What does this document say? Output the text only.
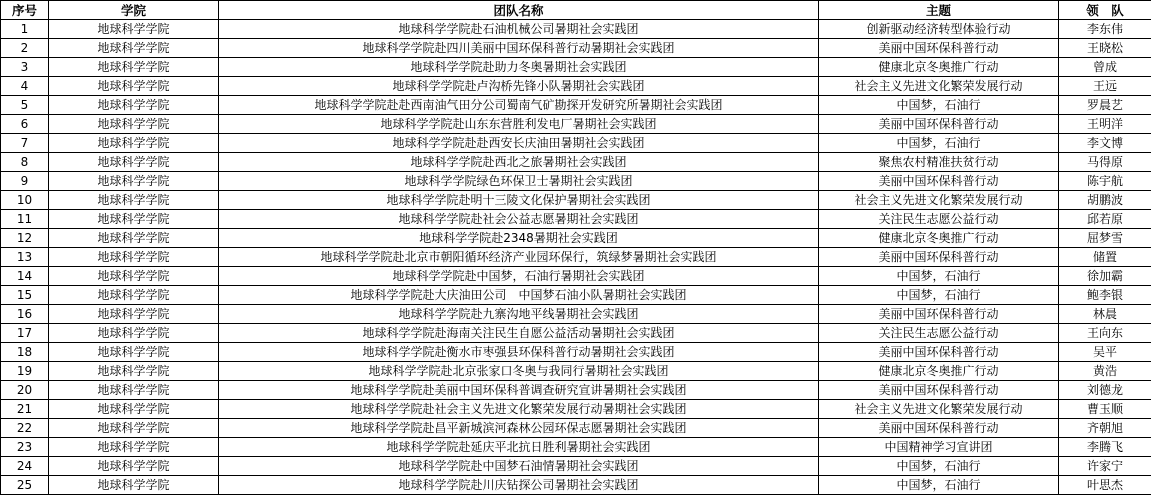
序号	学院	团队名称	主题	领　队
1	地球科学学院	地球科学学院赴石油机械公司暑期社会实践团	创新驱动经济转型体验行动	李东伟
2	地球科学学院	地球科学学院赴四川美丽中国环保科普行动暑期社会实践团	美丽中国环保科普行动	王晓松
3	地球科学学院	地球科学学院赴助力冬奥暑期社会实践团	健康北京冬奥推广行动	曾成
4	地球科学学院	地球科学学院赴卢沟桥先锋小队暑期社会实践团	社会主义先进文化繁荣发展行动	王远
5	地球科学学院	地球科学学院赴赴西南油气田分公司蜀南气矿勘探开发研究所暑期社会实践团	中国梦，石油行	罗晨艺
6	地球科学学院	地球科学学院赴山东东营胜利发电厂暑期社会实践团	美丽中国环保科普行动	王明洋
7	地球科学学院	地球科学学院赴赴西安长庆油田暑期社会实践团	中国梦，石油行	李文博
8	地球科学学院	地球科学学院赴西北之旅暑期社会实践团	聚焦农村精准扶贫行动	马得原
9	地球科学学院	地球科学学院绿色环保卫士暑期社会实践团	美丽中国环保科普行动	陈宇航
10	地球科学学院	地球科学学院赴明十三陵文化保护暑期社会实践团	社会主义先进文化繁荣发展行动	胡鹏波
11	地球科学学院	地球科学学院赴社会公益志愿暑期社会实践团	关注民生志愿公益行动	邱若原
12	地球科学学院	地球科学学院赴2348暑期社会实践团	健康北京冬奥推广行动	屈梦雪
13	地球科学学院	地球科学学院赴北京市朝阳循环经济产业园环保行，筑绿梦暑期社会实践团	美丽中国环保科普行动	储置
14	地球科学学院	地球科学学院赴中国梦，石油行暑期社会实践团	中国梦，石油行	徐加霸
15	地球科学学院	地球科学学院赴大庆油田公司　中国梦石油小队暑期社会实践团	中国梦，石油行	鲍李银
16	地球科学学院	地球科学学院赴九寨沟地平线暑期社会实践团	美丽中国环保科普行动	林晨
17	地球科学学院	地球科学学院赴海南关注民生自愿公益活动暑期社会实践团	关注民生志愿公益行动	王向东
18	地球科学学院	地球科学学院赴衡水市枣强县环保科普行动暑期社会实践团	美丽中国环保科普行动	吴平
19	地球科学学院	地球科学学院赴北京张家口冬奥与我同行暑期社会实践团	健康北京冬奥推广行动	黄浩
20	地球科学学院	地球科学学院赴美丽中国环保科普调查研究宣讲暑期社会实践团	美丽中国环保科普行动	刘德龙
21	地球科学学院	地球科学学院赴社会主义先进文化繁荣发展行动暑期社会实践团	社会主义先进文化繁荣发展行动	曹玉顺
22	地球科学学院	地球科学学院赴昌平新城滨河森林公园环保志愿暑期社会实践团	美丽中国环保科普行动	齐朝旭
23	地球科学学院	地球科学学院赴延庆平北抗日胜利暑期社会实践团	中国精神学习宣讲团	李腾飞
24	地球科学学院	地球科学学院赴中国梦石油情暑期社会实践团	中国梦，石油行	许家宁
25	地球科学学院	地球科学学院赴川庆钻探公司暑期社会实践团	中国梦，石油行	叶思杰
